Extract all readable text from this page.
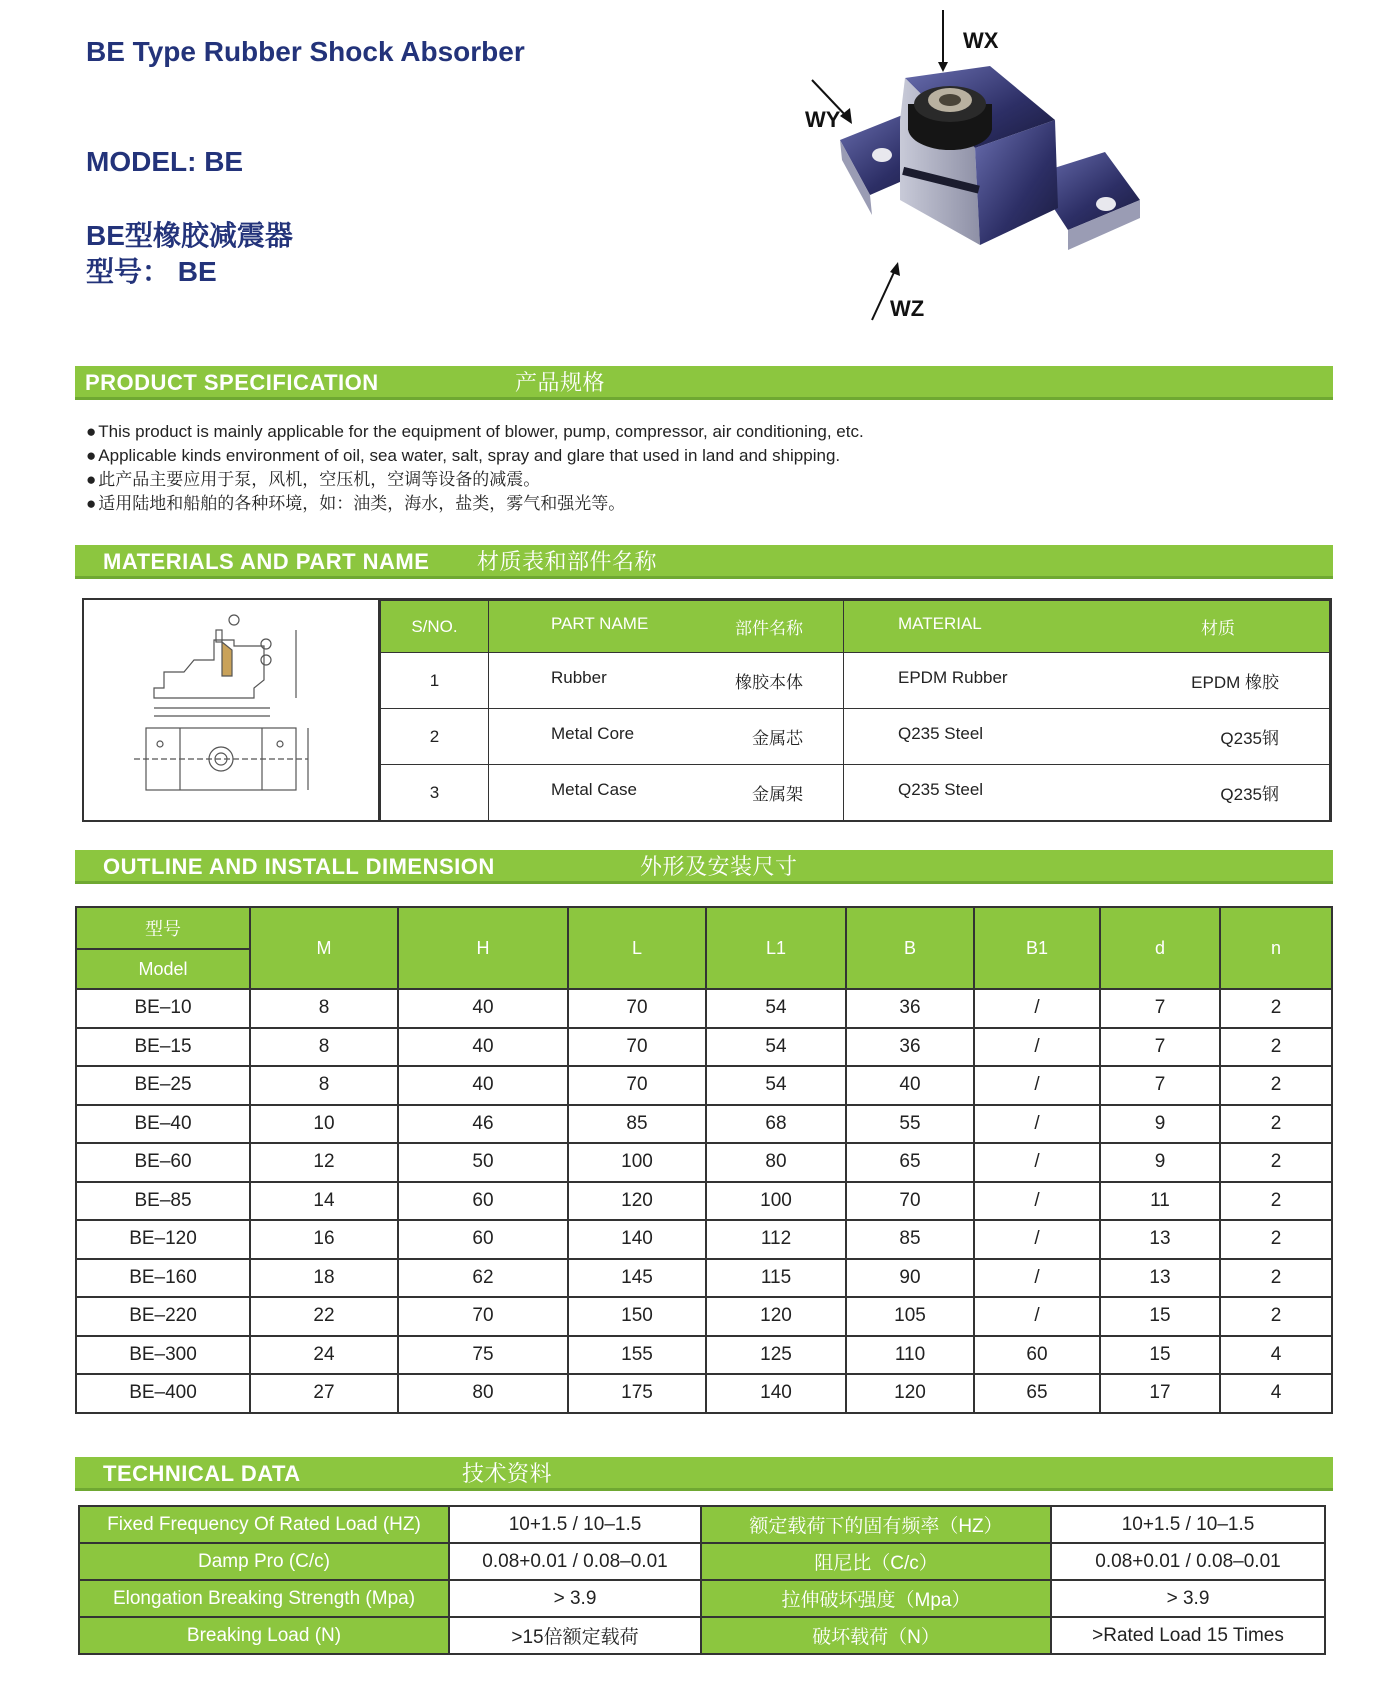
BE Type Rubber Shock Absorber
MODEL: BE
BE型橡胶减震器
型号： BE
WX
WY
WZ
PRODUCT SPECIFICATION	产品规格
● This product is mainly applicable for the equipment of blower, pump, compressor, air conditioning, etc.
● Applicable kinds environment of oil, sea water, salt, spray and glare that used in land and shipping.
● 此产品主要应用于泵，风机，空压机，空调等设备的减震。
● 适用陆地和船舶的各种环境，如：油类，海水，盐类，雾气和强光等。
MATERIALS AND PART NAME 材质表和部件名称
S/NO.	PART NAME 部件名称	MATERIAL 材质

1	Rubber 橡胶本体	EPDM Rubber EPDM 橡胶

2	Metal Core 金属芯	Q235 Steel Q235钢

3	Metal Case 金属架	Q235 Steel Q235钢
OUTLINE AND INSTALL DIMENSION	外形及安装尺寸
型号	M	H	L	L1	B	B1	d	n
Model								
BE–10	8	40	70	54	36	/	7	2
BE–15	8	40	70	54	36	/	7	2
BE–25	8	40	70	54	40	/	7	2
BE–40	10	46	85	68	55	/	9	2
BE–60	12	50	100	80	65	/	9	2
BE–85	14	60	120	100	70	/	11	2
BE–120	16	60	140	112	85	/	13	2
BE–160	18	62	145	115	90	/	13	2
BE–220	22	70	150	120	105	/	15	2
BE–300	24	75	155	125	110	60	15	4
BE–400	27	80	175	140	120	65	17	4
TECHNICAL DATA	技术资料
Fixed Frequency Of Rated Load (HZ)	10+1.5 / 10–1.5	额定载荷下的固有频率（HZ）	10+1.5 / 10–1.5
Damp Pro (C/c)	0.08+0.01 / 0.08–0.01	阻尼比（C/c）	0.08+0.01 / 0.08–0.01
Elongation Breaking Strength (Mpa)	> 3.9	拉伸破坏强度（Mpa）	> 3.9
Breaking Load (N)	>15倍额定载荷	破坏载荷（N）	>Rated Load 15 Times
